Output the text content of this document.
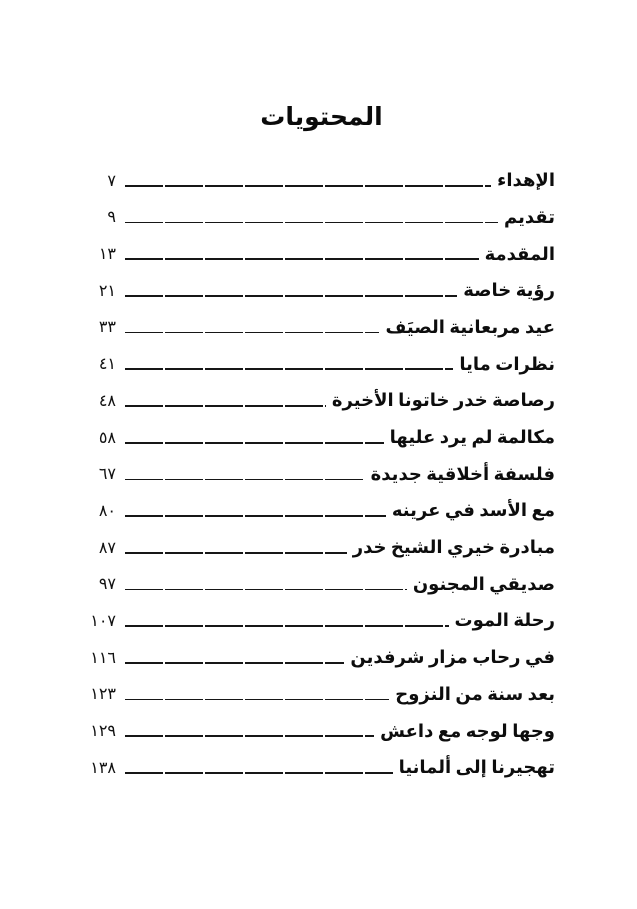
المحتويات
٧	الإهداء
٩	تقديم
١٣	المقدمة
٢١	رؤية خاصة
٣٣	عيد مربعانية الصيَف
٤١	نظرات مايا
٤٨	رصاصة خدر خاتونا الأخيرة
٥٨	مكالمة لم يرد عليها
٦٧	فلسفة أخلاقية جديدة
٨٠	مع الأسد في عرينه
٨٧	مبادرة خيري الشيخ خدر
٩٧	صديقي المجنون
١٠٧	رحلة الموت
١١٦	في رحاب مزار شرفدين
١٢٣	بعد سنة من النزوح
١٢٩	وجها لوجه مع داعش
١٣٨	تهجيرنا إلى ألمانيا
